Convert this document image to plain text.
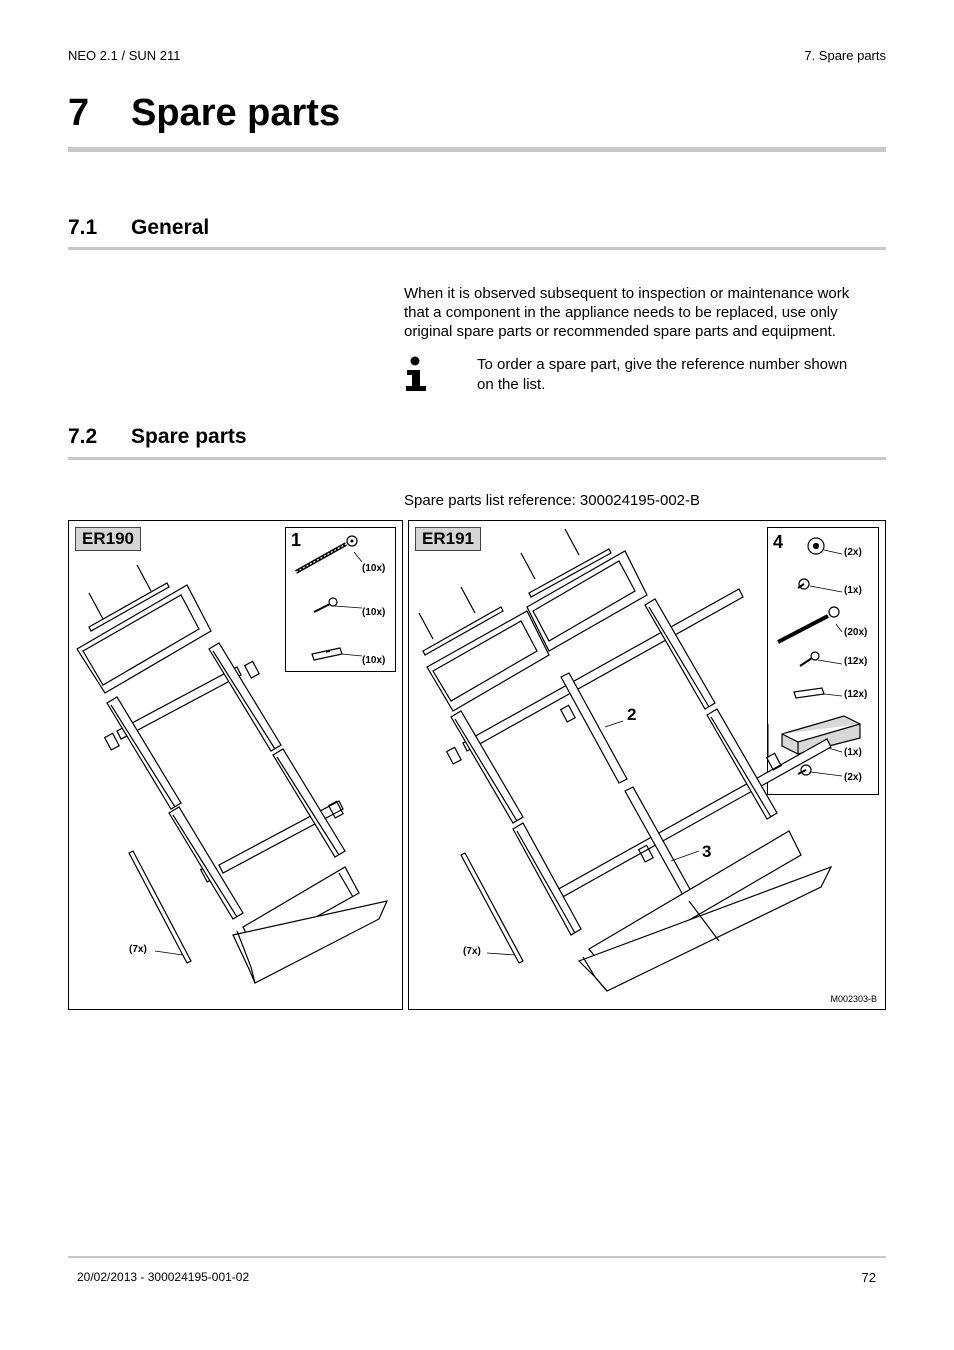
NEO 2.1 / SUN 211	7. Spare parts
7 Spare parts
7.1 General
When it is observed subsequent to inspection or maintenance work
that a component in the appliance needs to be replaced, use only
original spare parts or recommended spare parts and equipment.
To order a spare part, give the reference number shown
on the list.
7.2 Spare parts
Spare parts list reference: 300024195-002-B
ER190	1
(10x)
(10x)
(10x)
(7x)
ER191	4
(2x)
(1x)
(20x)
(12x)
(12x)
(1x)
(2x)
2
3
(7x)
M002303-B
20/02/2013 - 300024195-001-02	72
